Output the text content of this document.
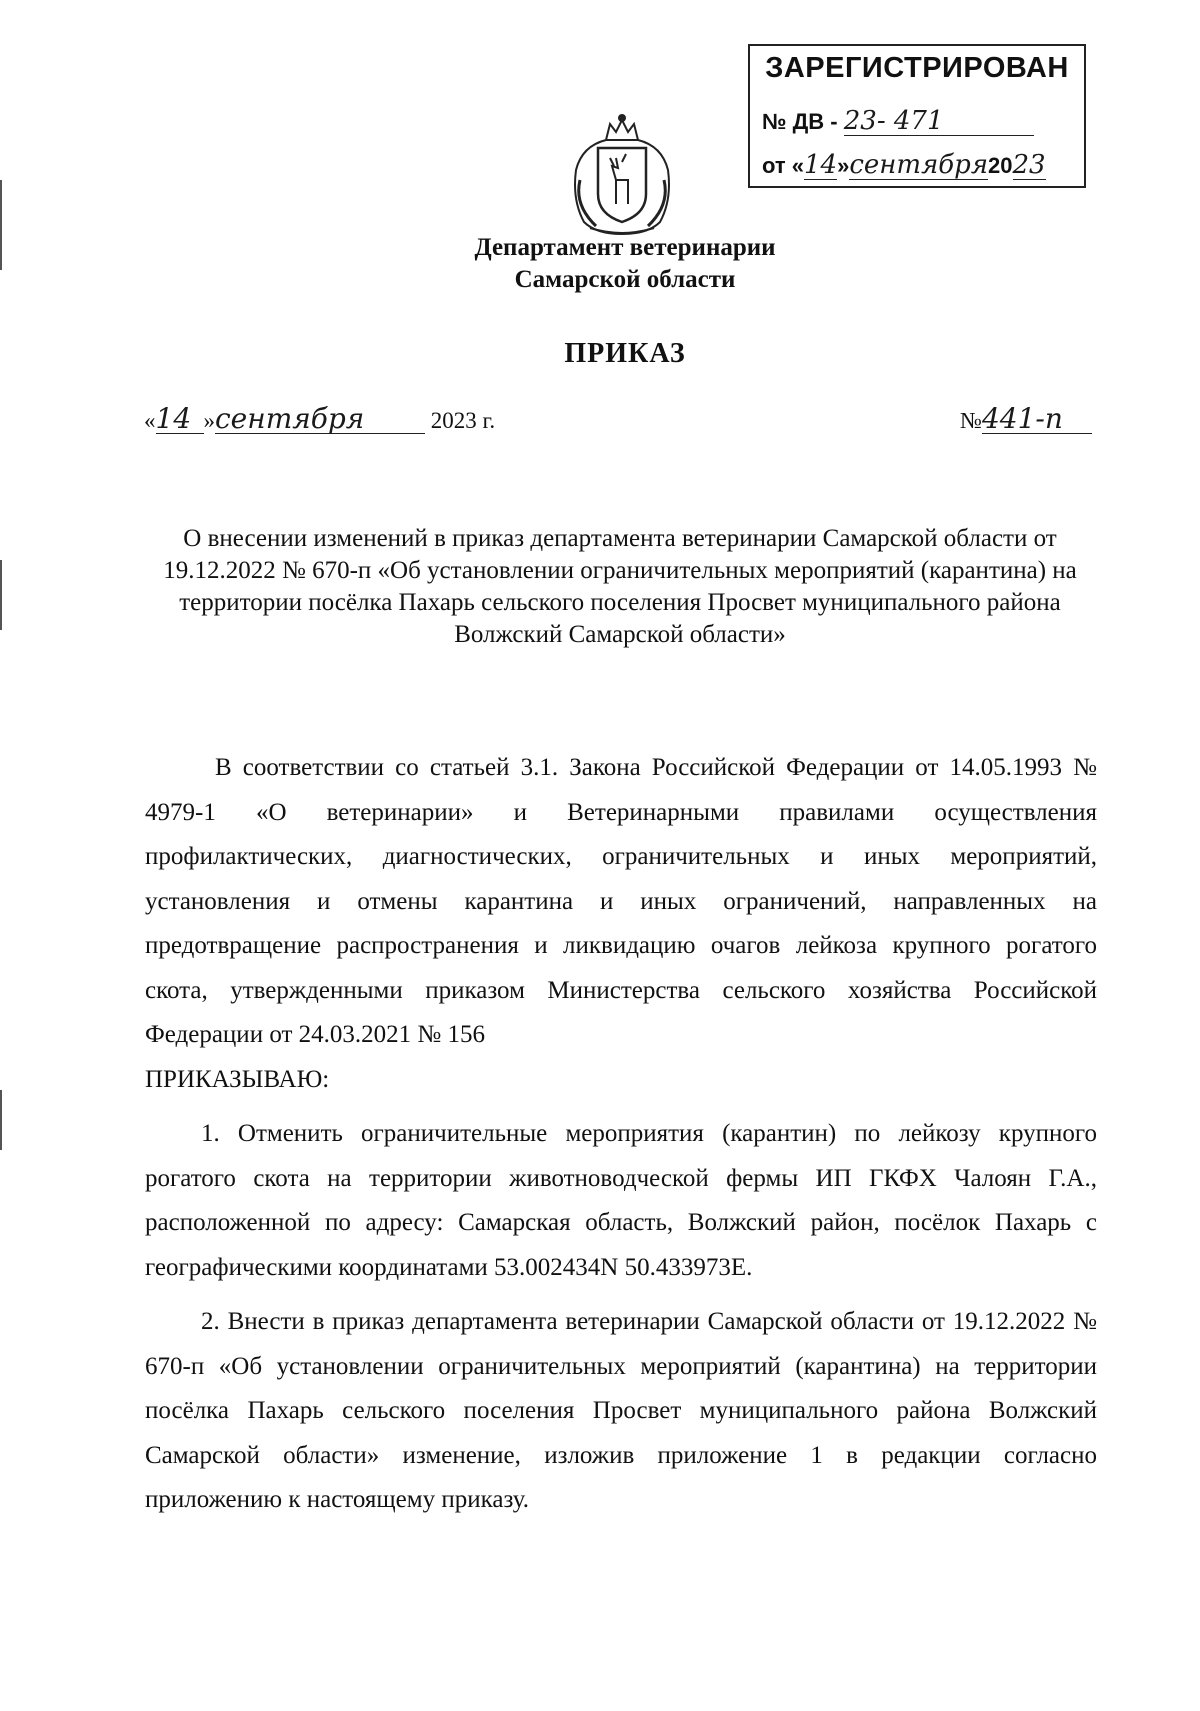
ЗАРЕГИСТРИРОВАН
№ ДВ - 23- 471
от «14»сентября2023
Департамент ветеринарии
Самарской области
ПРИКАЗ
«14 »сентября	2023 г.	№441-п
О внесении изменений в приказ департамента ветеринарии Самарской области от 19.12.2022 № 670-п «Об установлении ограничительных мероприятий (карантина) на территории посёлка Пахарь сельского поселения Просвет муниципального района Волжский Самарской области»

В соответствии со статьей 3.1. Закона Российской Федерации от 14.05.1993 № 4979-1 «О ветеринарии» и Ветеринарными правилами осуществления профилактических, диагностических, ограничительных и иных мероприятий, установления и отмены карантина и иных ограничений, направленных на предотвращение распространения и ликвидацию очагов лейкоза крупного рогатого скота, утвержденными приказом Министерства сельского хозяйства Российской Федерации от 24.03.2021 № 156

ПРИКАЗЫВАЮ:

1. Отменить ограничительные мероприятия (карантин) по лейкозу крупного рогатого скота на территории животноводческой фермы ИП ГКФХ Чалоян Г.А., расположенной по адресу: Самарская область, Волжский район, посёлок Пахарь с географическими координатами 53.002434N 50.433973E.

2. Внести в приказ департамента ветеринарии Самарской области от 19.12.2022 № 670-п «Об установлении ограничительных мероприятий (карантина) на территории посёлка Пахарь сельского поселения Просвет муниципального района Волжский Самарской области» изменение, изложив приложение 1 в редакции согласно приложению к настоящему приказу.
